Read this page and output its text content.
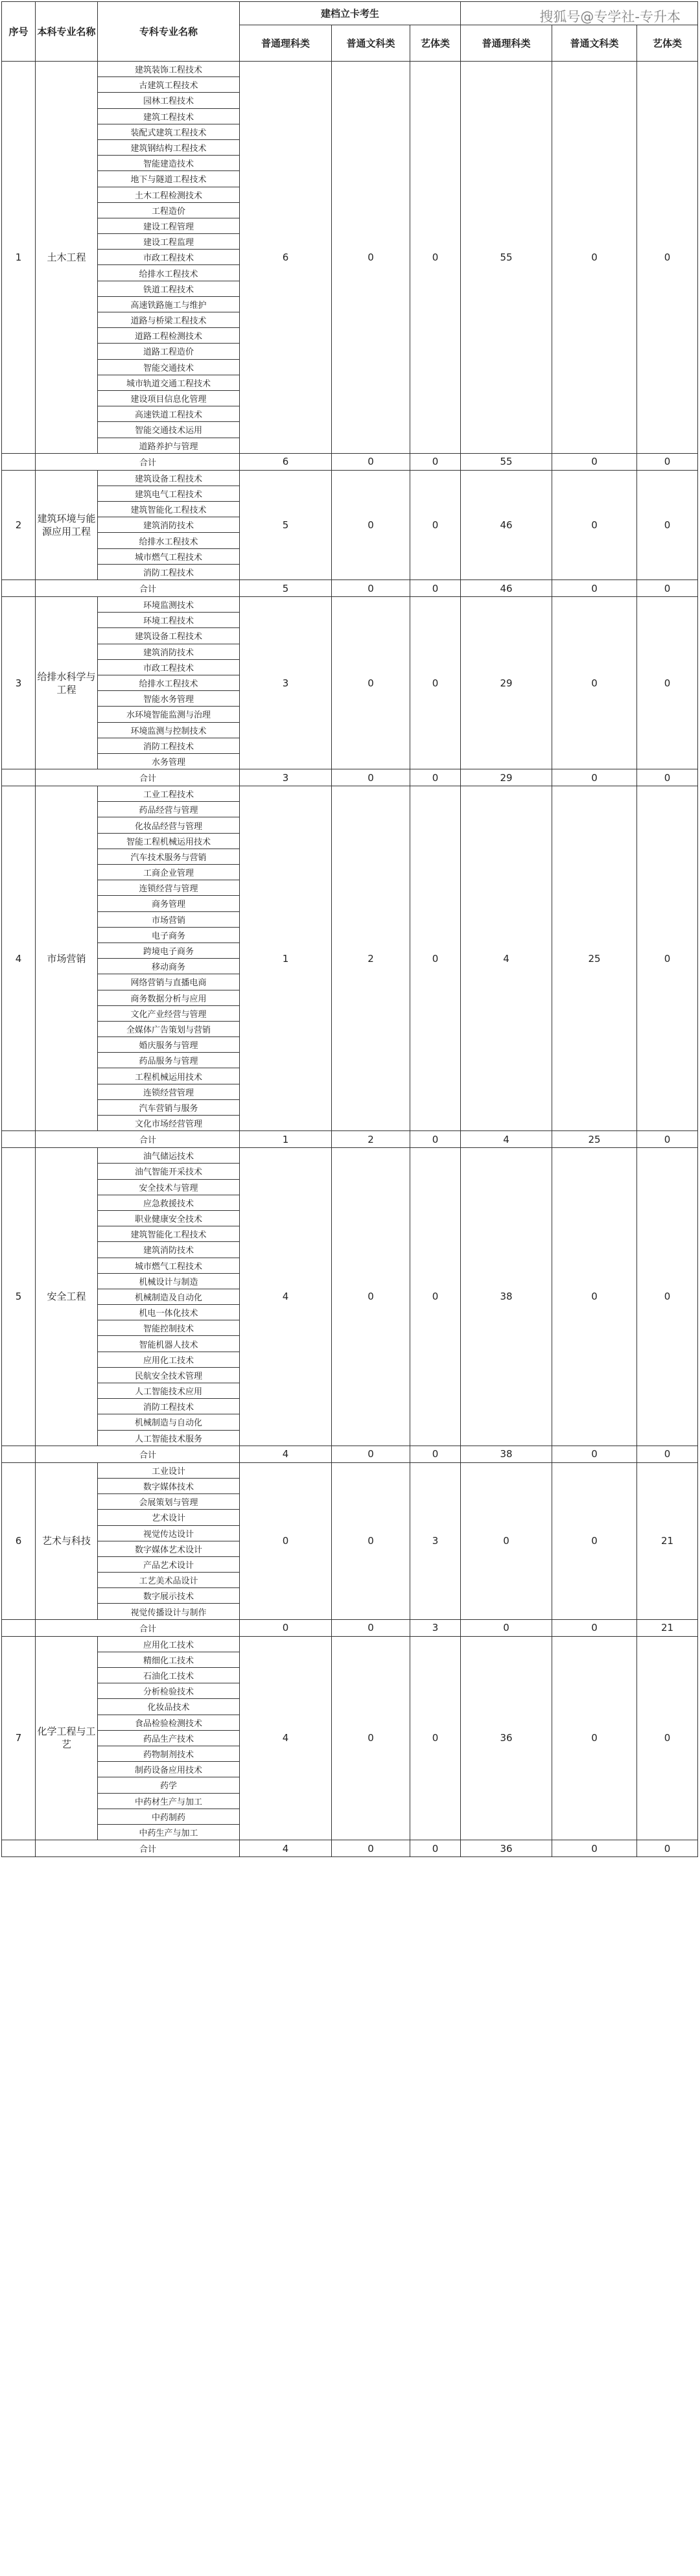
搜狐号@专学社-专升本
序号	本科专业名称	专科专业名称	建档立卡考生					
			普通理科类	普通文科类	艺体类	普通理科类	普通文科类	艺体类
1	土木工程	建筑装饰工程技术	6	0	0	55	0	0
		古建筑工程技术						
		园林工程技术						
		建筑工程技术						
		装配式建筑工程技术						
		建筑钢结构工程技术						
		智能建造技术						
		地下与隧道工程技术						
		土木工程检测技术						
		工程造价						
		建设工程管理						
		建设工程监理						
		市政工程技术						
		给排水工程技术						
		铁道工程技术						
		高速铁路施工与维护						
		道路与桥梁工程技术						
		道路工程检测技术						
		道路工程造价						
		智能交通技术						
		城市轨道交通工程技术						
		建设项目信息化管理						
		高速铁道工程技术						
		智能交通技术运用						
		道路养护与管理						
	合计		6	0	0	55	0	0
2	建筑环境与能源应用工程	建筑设备工程技术	5	0	0	46	0	0
		建筑电气工程技术						
		建筑智能化工程技术						
		建筑消防技术						
		给排水工程技术						
		城市燃气工程技术						
		消防工程技术						
	合计		5	0	0	46	0	0
3	给排水科学与工程	环境监测技术	3	0	0	29	0	0
		环境工程技术						
		建筑设备工程技术						
		建筑消防技术						
		市政工程技术						
		给排水工程技术						
		智能水务管理						
		水环境智能监测与治理						
		环境监测与控制技术						
		消防工程技术						
		水务管理						
	合计		3	0	0	29	0	0
4	市场营销	工业工程技术	1	2	0	4	25	0
		药品经营与管理						
		化妆品经营与管理						
		智能工程机械运用技术						
		汽车技术服务与营销						
		工商企业管理						
		连锁经营与管理						
		商务管理						
		市场营销						
		电子商务						
		跨境电子商务						
		移动商务						
		网络营销与直播电商						
		商务数据分析与应用						
		文化产业经营与管理						
		全媒体广告策划与营销						
		婚庆服务与管理						
		药品服务与管理						
		工程机械运用技术						
		连锁经营管理						
		汽车营销与服务						
		文化市场经营管理						
	合计		1	2	0	4	25	0
5	安全工程	油气储运技术	4	0	0	38	0	0
		油气智能开采技术						
		安全技术与管理						
		应急救援技术						
		职业健康安全技术						
		建筑智能化工程技术						
		建筑消防技术						
		城市燃气工程技术						
		机械设计与制造						
		机械制造及自动化						
		机电一体化技术						
		智能控制技术						
		智能机器人技术						
		应用化工技术						
		民航安全技术管理						
		人工智能技术应用						
		消防工程技术						
		机械制造与自动化						
		人工智能技术服务						
	合计		4	0	0	38	0	0
6	艺术与科技	工业设计	0	0	3	0	0	21
		数字媒体技术						
		会展策划与管理						
		艺术设计						
		视觉传达设计						
		数字媒体艺术设计						
		产品艺术设计						
		工艺美术品设计						
		数字展示技术						
		视觉传播设计与制作						
	合计		0	0	3	0	0	21
7	化学工程与工艺	应用化工技术	4	0	0	36	0	0
		精细化工技术						
		石油化工技术						
		分析检验技术						
		化妆品技术						
		食品检验检测技术						
		药品生产技术						
		药物制剂技术						
		制药设备应用技术						
		药学						
		中药材生产与加工						
		中药制药						
		中药生产与加工						
	合计		4	0	0	36	0	0
